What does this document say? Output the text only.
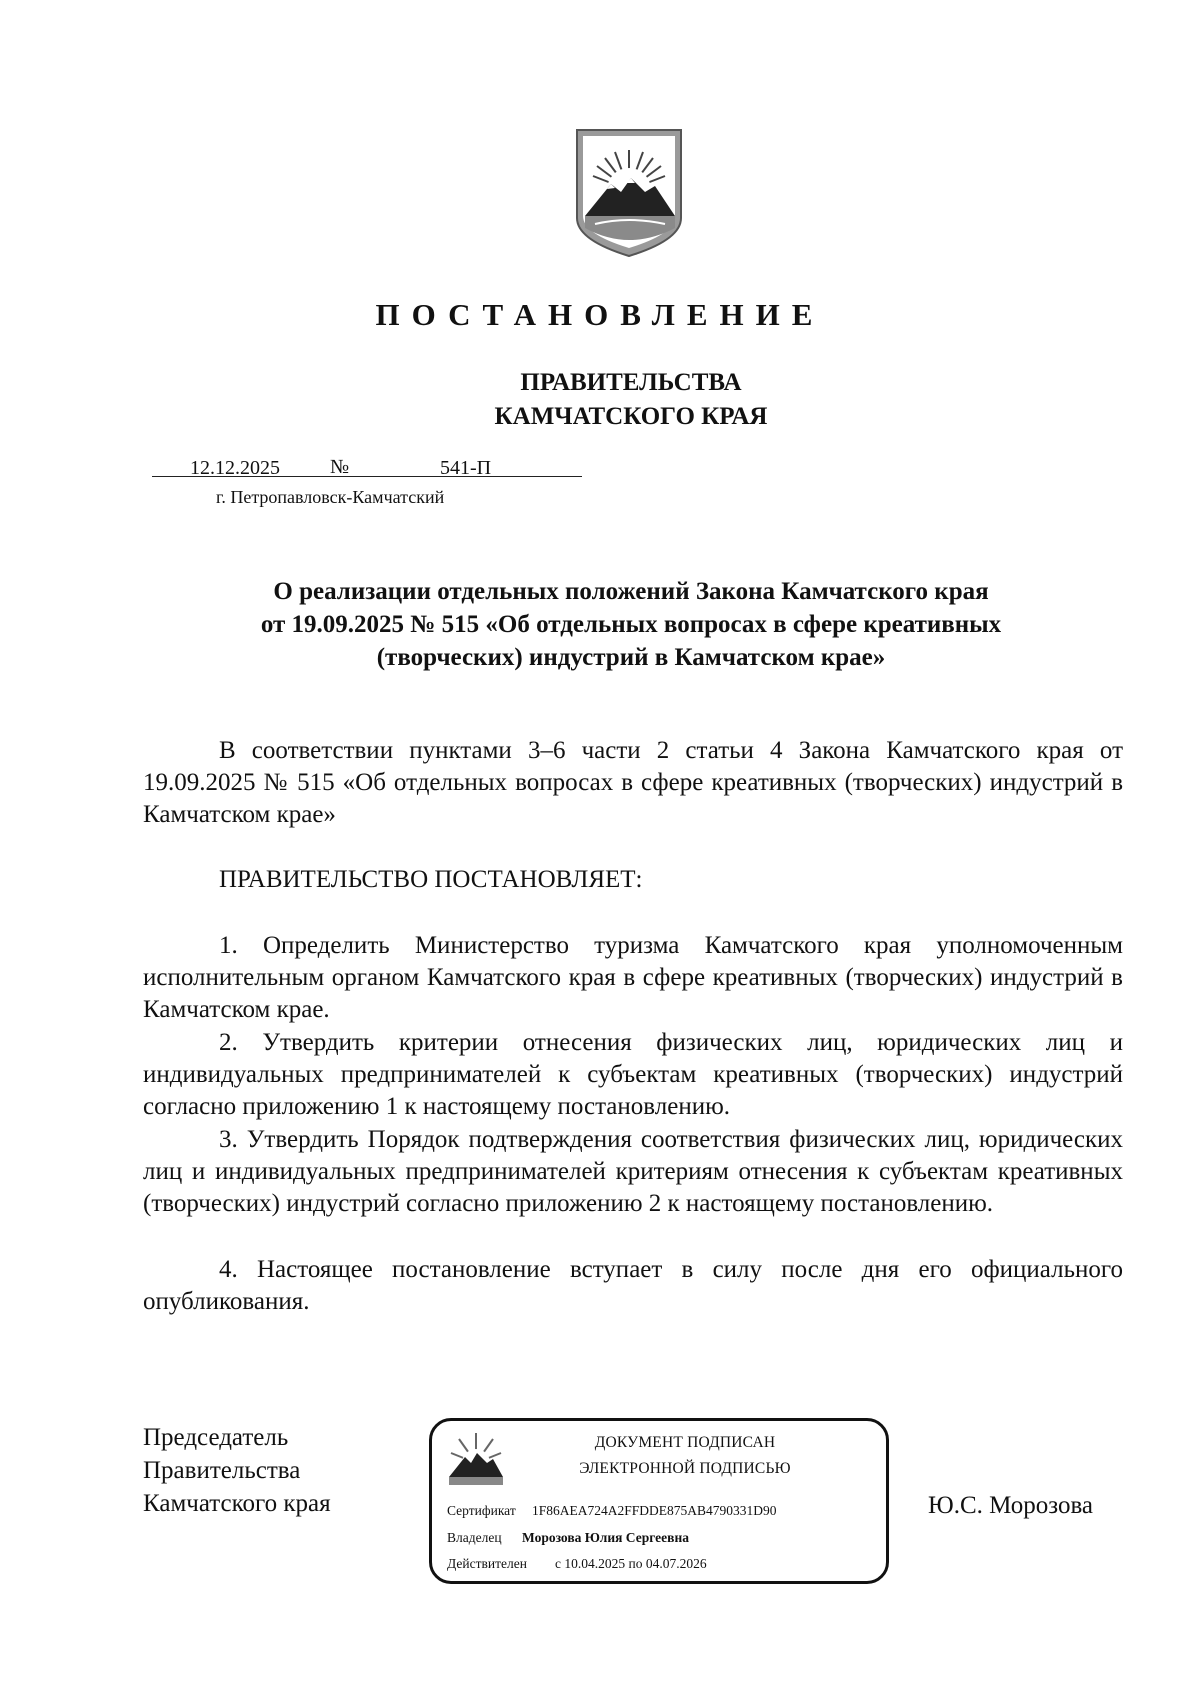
ПОСТАНОВЛЕНИЕ
ПРАВИТЕЛЬСТВА
КАМЧАТСКОГО КРАЯ
12.12.2025	№	541-П
г. Петропавловск-Камчатский
О реализации отдельных положений Закона Камчатского края
от 19.09.2025 № 515 «Об отдельных вопросах в сфере креативных
(творческих) индустрий в Камчатском крае»
В соответствии пунктами 3–6 части 2 статьи 4 Закона Камчатского края от 19.09.2025 № 515 «Об отдельных вопросах в сфере креативных (творческих) индустрий в Камчатском крае»
ПРАВИТЕЛЬСТВО ПОСТАНОВЛЯЕТ:
1. Определить Министерство туризма Камчатского края уполномоченным исполнительным органом Камчатского края в сфере креативных (творческих) индустрий в Камчатском крае.
2. Утвердить критерии отнесения физических лиц, юридических лиц и индивидуальных предпринимателей к субъектам креативных (творческих) индустрий согласно приложению 1 к настоящему постановлению.
3. Утвердить Порядок подтверждения соответствия физических лиц, юридических лиц и индивидуальных предпринимателей критериям отнесения к субъектам креативных (творческих) индустрий согласно приложению 2 к настоящему постановлению.
4. Настоящее постановление вступает в силу после дня его официального опубликования.
Председатель
Правительства
Камчатского края	Ю.С. Морозова
ДОКУМЕНТ ПОДПИСАН
ЭЛЕКТРОННОЙ ПОДПИСЬЮ
Сертификат 1F86AEA724A2FFDDE875AB4790331D90
Владелец Морозова Юлия Сергеевна
Действителен с 10.04.2025 по 04.07.2026
